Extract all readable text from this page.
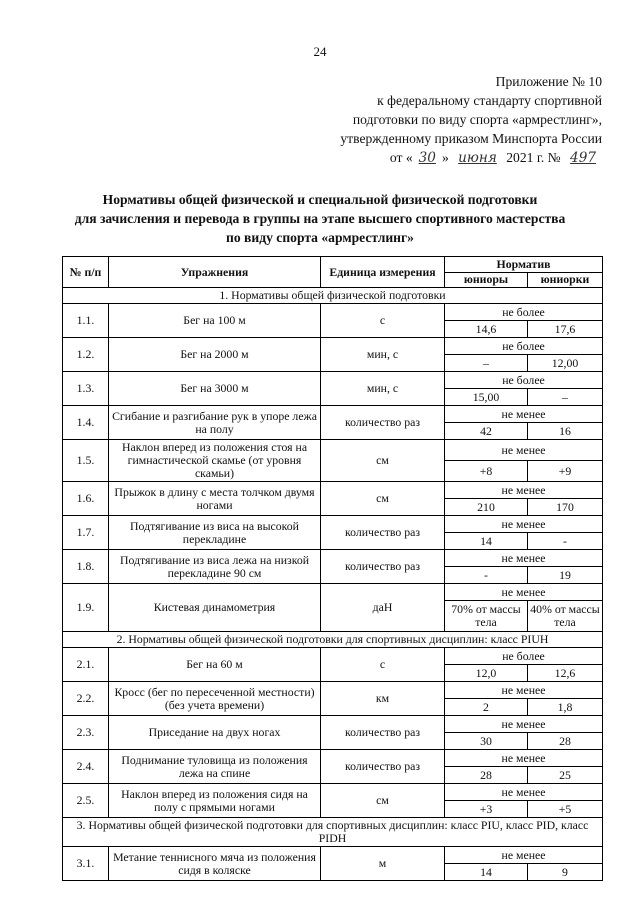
24
Приложение № 10
к федеральному стандарту спортивной
подготовки по виду спорта «армрестлинг»,
утвержденному приказом Минспорта России
от « 30 » июня 2021 г. № 497
Нормативы общей физической и специальной физической подготовки
для зачисления и перевода в группы на этапе высшего спортивного мастерства
по виду спорта «армрестлинг»
№ п/п	Упражнения	Единица измерения	Норматив	
			юниоры	юниорки
1. Нормативы общей физической подготовки				
1.1.	Бег на 100 м	с	не более	
			14,6	17,6
1.2.	Бег на 2000 м	мин, с	не более	
			–	12,00
1.3.	Бег на 3000 м	мин, с	не более	
			15,00	–
1.4.	Сгибание и разгибание рук в упоре лежа на полу	количество раз	не менее	
			42	16
1.5.	Наклон вперед из положения стоя на гимнастической скамье (от уровня скамьи)	см	не менее	
			+8	+9
1.6.	Прыжок в длину с места толчком двумя ногами	см	не менее	
			210	170
1.7.	Подтягивание из виса на высокой перекладине	количество раз	не менее	
			14	-
1.8.	Подтягивание из виса лежа на низкой перекладине 90 см	количество раз	не менее	
			-	19
1.9.	Кистевая динамометрия	даН	не менее	
			70% от массы тела	40% от массы тела
2. Нормативы общей физической подготовки для спортивных дисциплин: класс PIUH				
2.1.	Бег на 60 м	с	не более	
			12,0	12,6
2.2.	Кросс (бег по пересеченной местности) (без учета времени)	км	не менее	
			2	1,8
2.3.	Приседание на двух ногах	количество раз	не менее	
			30	28
2.4.	Поднимание туловища из положения лежа на спине	количество раз	не менее	
			28	25
2.5.	Наклон вперед из положения сидя на полу с прямыми ногами	см	не менее	
			+3	+5
3. Нормативы общей физической подготовки для спортивных дисциплин: класс PIU, класс PID, класс PIDH				
3.1.	Метание теннисного мяча из положения сидя в коляске	м	не менее	
			14	9
